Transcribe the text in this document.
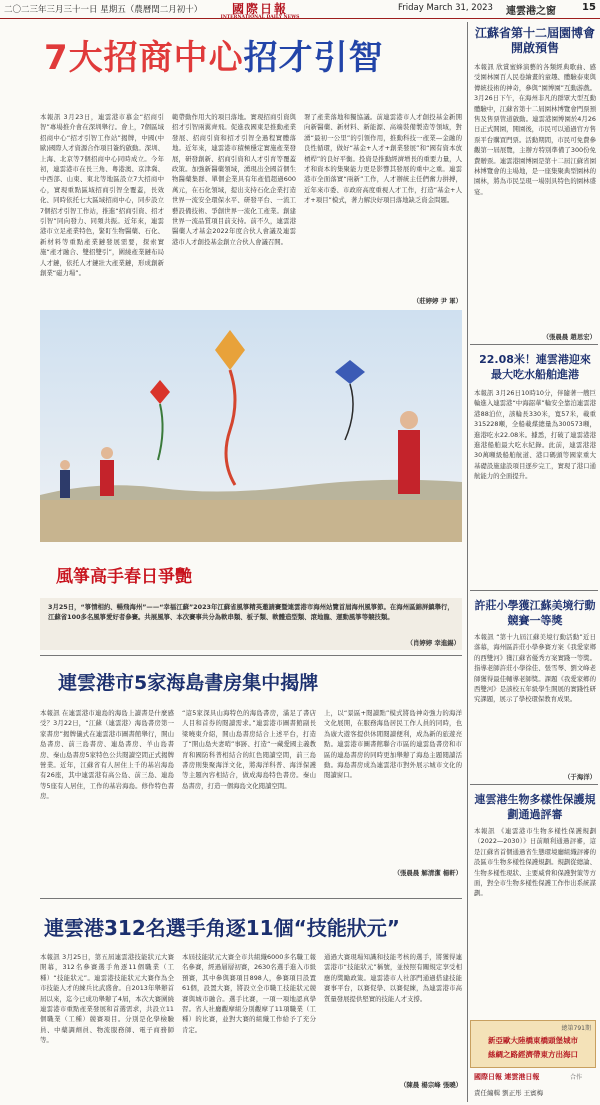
二〇二三年三月三十一日 星期五（農曆閏二月初十）	Friday March 31, 2023 連雲港之窗	15
國際日報
INTERNATIONAL DAILY NEWS
7大招商中心招才引智
本報訊 3月23日，連雲港市慕金“招商引智”專場推介會在深圳舉行。會上，7個區域招商中心“招才引智工作站”揭牌，中國(中歐)國際人才資源合作項目簽約啟動。深圳、上海、北京等7個招商中心同時成立。今年初，連雲港市在長三角、粵港澳、京津冀、中西部、山東、東北等地區設立7大招商中心，實現重點區域招商引智全覆蓋，長效化、同時依托七大區域招商中心，同步設立7個招才引智工作站，推進“招商引資、招才引智”同向發力、同頻共振。近年來，連雲港市立足產業特色，緊盯生物醫藥、石化、新材料等重點產業鏈發展需要，探索實施“產才融合、雙招雙引”，圍繞產業鏈布局人才鏈，依托人才鏈壯大產業鏈，形成創新創業“磁力場”。
範帶動作用大的項目落地。實現招商引資與招才引智兩翼齊飛。促進我國東是推動產業發展、招商引資和招才引智全過程實體落地。近年來，連雲港市積極穩定實施產業發展，研發創新、招商引資和人才引育等覆蓋政策。加強新醫藥領域，湧現出全國首個生物醫藥集群、單個企業具有年產值超過600萬元，在石化領域，提出支持石化企業打造世界一流安全環保水平、研發平台、一流工藝設備技術、爭創世界一流化工產業。創建世界一流品質項目前支持。前不久，連雲港醫藥人才基金2022年度合伙人會議及連雲港市人才創投基金創立合伙人會議召開。
署了產業落地和獨協議。前連雲港市人才創投基金新開向新醫藥、新材料、新能源、高端裝備製造等領域，對湧“最初一公里”的引領作用，推動科技一產業—金融的良性循環，做好“基金+人才+創業發展”和“國有資本放槓桿”的良好平衡。投資是推動經濟增長的重要力量，人才和資本的集聚能力更是影響其發展的重中之重。連雲港市全面落實“兩新”工作，人才辦統主任們奮力拼搏，近年來市委、市政府高度重視人才工作，打造“基金+人才+項目”模式，著力解決好項目落地缺乏資金問題。
（莊婷婷 尹 軍）
風箏高手春日爭艷
3月25日，“箏情相約、暢飛海州”——“幸福江蘇”2023年江蘇省風箏精英邀請賽暨連雲港市海州站覽首屆海州風箏節。在海州區錦屏鎮舉行，江蘇省100多名風箏愛好者參賽。共展風箏、本次賽事共分為軟串類、板子類、軟體造型類、滾地龍、運動風箏等競技類。
（肖婷婷 幸進錫）
連雲港市5家海島書房集中揭牌
本報訊 在連雲港市連島的海島上讀書是什麼感受？3月22日，“江蘇（連雲港）海島書房第一家書房”揭牌儀式在連雲港市圖書館舉行，開山島書房、前三島書房、連島書房、羊山島書房、秦山島書房5家特色公共閱讀空間正式揭牌營業。近年，江蘇省有人居住上千的基岩海島有26座，其中連雲港有高公島、前三島、連島等5座有人居住，工作的基岩海島。修作特色書房。
“這5家深具山海特色的海島書房，滿足了書店人目和首券的閱讀需求。”連雲港市圖書館副長梁曉東介紹，開山島書房結合上述平台，打造了“開山島夫妻哨”事跡、打造“一藏愛國主義教育和國防科普相結合的紅色閱讀空間，前三島書房則集聚海洋文化，將海洋科普、海洋保護等主題內容相結合，做成海島特色書房。秦山島書房，打造一個海島文化閱讀空間。
上，以“景區+閱讀點”模式將島神奇強力的海洋文化展開，在服務海島居民工作人員的同時，也為廣大遊客提供休閒閱讀便利，成為新的旅遊亮點。連雲港市圖書館聯合市區的連雲島書房和市區的連島書房的同時更加舉辦了海島主題閱讀活動。海島書房成為連雲港市對外展示城市文化的閱讀窗口。
（張晨晨 解清潔 楊軒）
連雲港312名選手角逐11個“技能狀元”
本報訊 3月25日，第五屆連雲港技能狀元大賽開幕，312名參賽選手角逐11個職業（工種）“技能狀元”。連雲港技能狀元大賽作為全市技能人才的練兵比武盛會。自2013年舉辦首屆以來，迄今已成功舉辦了4屆，本次大賽圍繞連雲港市重點產業發展和首選需求，共設立11個職業（工種）競賽項目。分別是化學檢驗員、中藥調劑員、物流服務師、電子商務師等。
本屆技能狀元大賽全市共組織6000多名職工報名參賽，經過層層初賽，2630名選手進入市級預賽，其中參與賽項目898人，參賽項目設置61個，設置大賽，將設立全市職工技能狀元競賽與城市融合。選手比賽，一項一項地認真學習。省人社廳觀摩組分別觀摩了11項職業（工種）的比賽，並對大賽的組織工作給予了充分肯定。
通過大賽現場知識和技能考核的選手，將獲得連雲港市“技能狀元”稱號，並按照有關規定享受相應的獎勵政策。連雲港市人社部門通過搭建技能賽事平台，以賽促學、以賽促練，為連雲港市高質量發展提供堅實的技能人才支撐。
（陳晨 楊宗峰 張曉）
江蘇省第十二屆園博會開啟預售
本報訊 欣賞蜜蜂演藝的各類經典歌曲、感受園林園百人民卷繪畫的童趣、體驗泰東與傳統技術的神奇，參與“園博園”互動游戲。3月26日下午，在海州非凡的群眾大型互動體驗中，江蘇省第十二屆園林博覽會門票預售及售票管道啟動。連雲港園博園於4月26日正式開園，開園後，市民可以通過官方售票平台購買門票。活動期間，市民可免費參觀第一屆展覽，主辦方特別準備了300份免費贈票。連雲港園博園是第十二屆江蘇省園林博覽會的主場地，是一座集聚典型園林的園林，將為市民呈現一場別具特色的園林盛宴。
（張晨晨 趙思宏）
22.08米！連雲港迎來最大吃水船舶進港
本報訊 3月26日10時10分，伴隨著一艘巨輪進入連雲港“中海韶華”輪安全靠泊連雲港港88泊位，該輪長330米，寬57米，載重315228噸，全船載煤總量為300573噸，進港吃水22.08米。據悉，打破了連雲港港進港船舶最大吃水紀錄。此前，連雲港港30萬噸級船舶航道、港口碼頭等國家重大基礎設施建設項目逐步完工，實現了港口通航能力的全面提升。
許莊小學獲江蘇美境行動競賽一等獎
本報訊 “第十九屆江蘇美境行動活動”近日落幕，海州區許莊小學參賽方案《我愛家鄉的西雙河》獲江蘇省優秀方案實踐一等獎。指導老師許莊小學徐佳、張雪琴、劉文峰老師獲得最佳輔導老師獎。課題《我愛家鄉的西雙河》是該校五年級學生開展的實踐性研究課題，展示了學校環保教育成果。
（于海洋）
連雲港生物多樣性保護規劃通過評審
本報訊 《連雲港市生物多樣性保護規劃（2022—2030）》日前順利通過評審，這是江蘇省首個通過省生態環境廳組織評審的設區市生物多樣性保護規劃。規劃從總論、生物多樣性現狀、主要威脅和保護對策等方面，對全市生物多樣性保護工作作出系統謀劃。
總第791期
新亞歐大陸橋東橋頭堡城市
絲綢之路經濟帶東方出海口
國際日報 連雲港日報
責任編輯 劉正彤 王賓梅
合作
